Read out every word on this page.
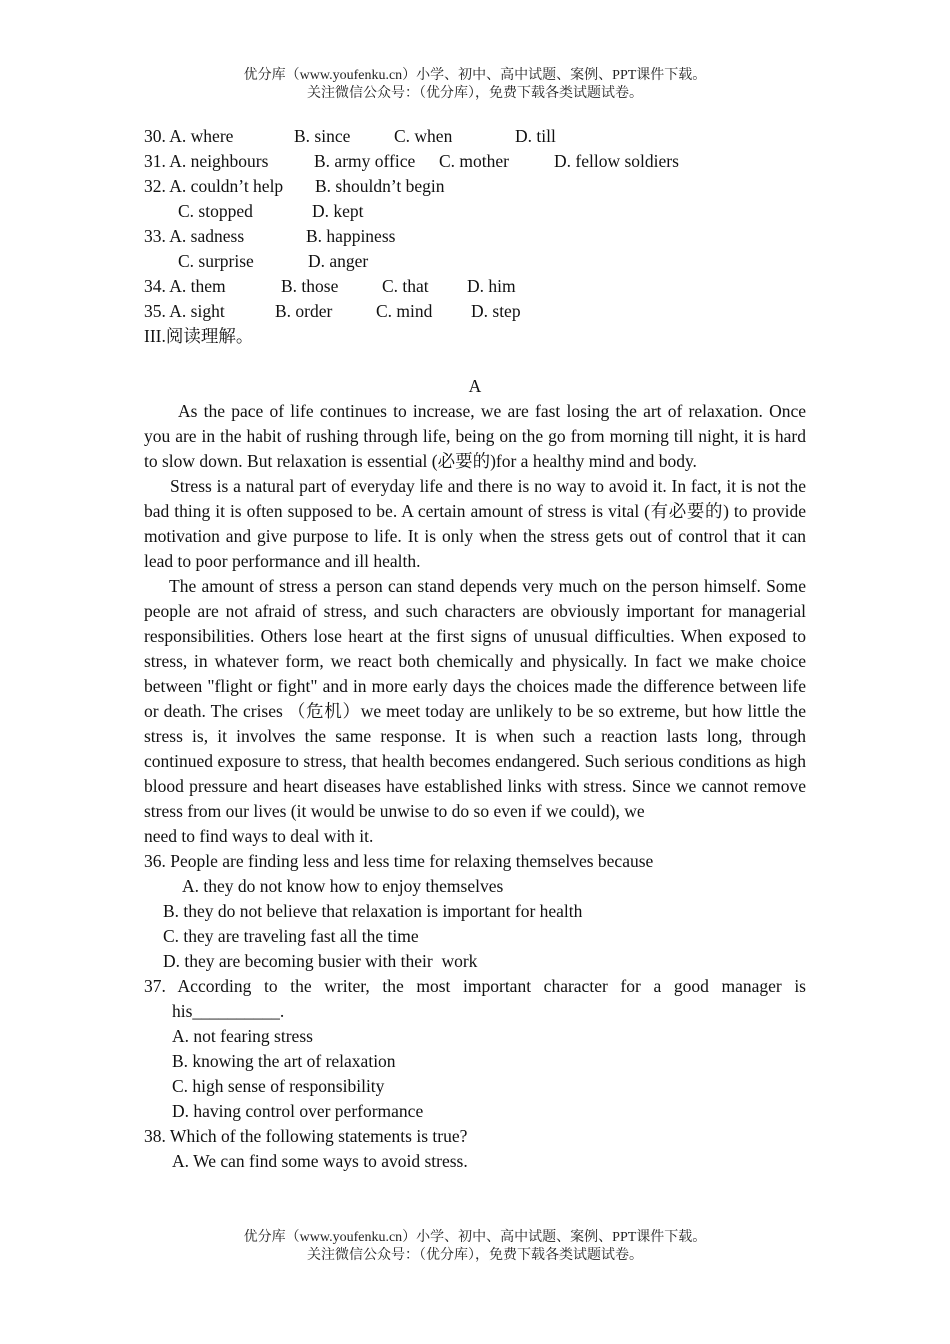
优分库（www.youfenku.cn）小学、初中、高中试题、案例、PPT课件下载。
关注微信公众号：（优分库），免费下载各类试题试卷。
30. A. where	B. since C. when	D. till
31. A. neighbours	B. army office C. mother	D. fellow soldiers
32. A. couldn’t help B. shouldn’t begin
C. stopped	D. kept
33. A. sadness	B. happiness
C. surprise	D. anger
34. A. them	B. those C. that D. him
35. A. sight	B. order C. mind D. step
III.阅读理解。
A
As the pace of life continues to increase, we are fast losing the art of relaxation. Once you are in the habit of rushing through life, being on the go from morning till night, it is hard to slow down. But relaxation is essential (必要的)for a healthy mind and body.
Stress is a natural part of everyday life and there is no way to avoid it. In fact, it is not the bad thing it is often supposed to be. A certain amount of stress is vital (有必要的) to provide motivation and give purpose to life. It is only when the stress gets out of control that it can lead to poor performance and ill health.
The amount of stress a person can stand depends very much on the person himself. Some people are not afraid of stress, and such characters are obviously important for managerial responsibilities. Others lose heart at the first signs of unusual difficulties. When exposed to stress, in whatever form, we react both chemically and physically. In fact we make choice between "flight or fight" and in more early days the choices made the difference between life or death. The crises （危机）we meet today are unlikely to be so extreme, but how little the stress is, it involves the same response. It is when such a reaction lasts long, through continued exposure to stress, that health becomes endangered. Such serious conditions as high blood pressure and heart diseases have established links with stress. Since we cannot remove stress from our lives (it would be unwise to do so even if we could), we
need to find ways to deal with it.
36. People are finding less and less time for relaxing themselves because
A. they do not know how to enjoy themselves
B. they do not believe that relaxation is important for health
C. they are traveling fast all the time
D. they are becoming busier with their  work
37. According to the writer, the most important character for a good manager is
his__________.
A. not fearing stress
B. knowing the art of relaxation
C. high sense of responsibility
D. having control over performance
38. Which of the following statements is true?
A. We can find some ways to avoid stress.
优分库（www.youfenku.cn）小学、初中、高中试题、案例、PPT课件下载。
关注微信公众号：（优分库），免费下载各类试题试卷。
